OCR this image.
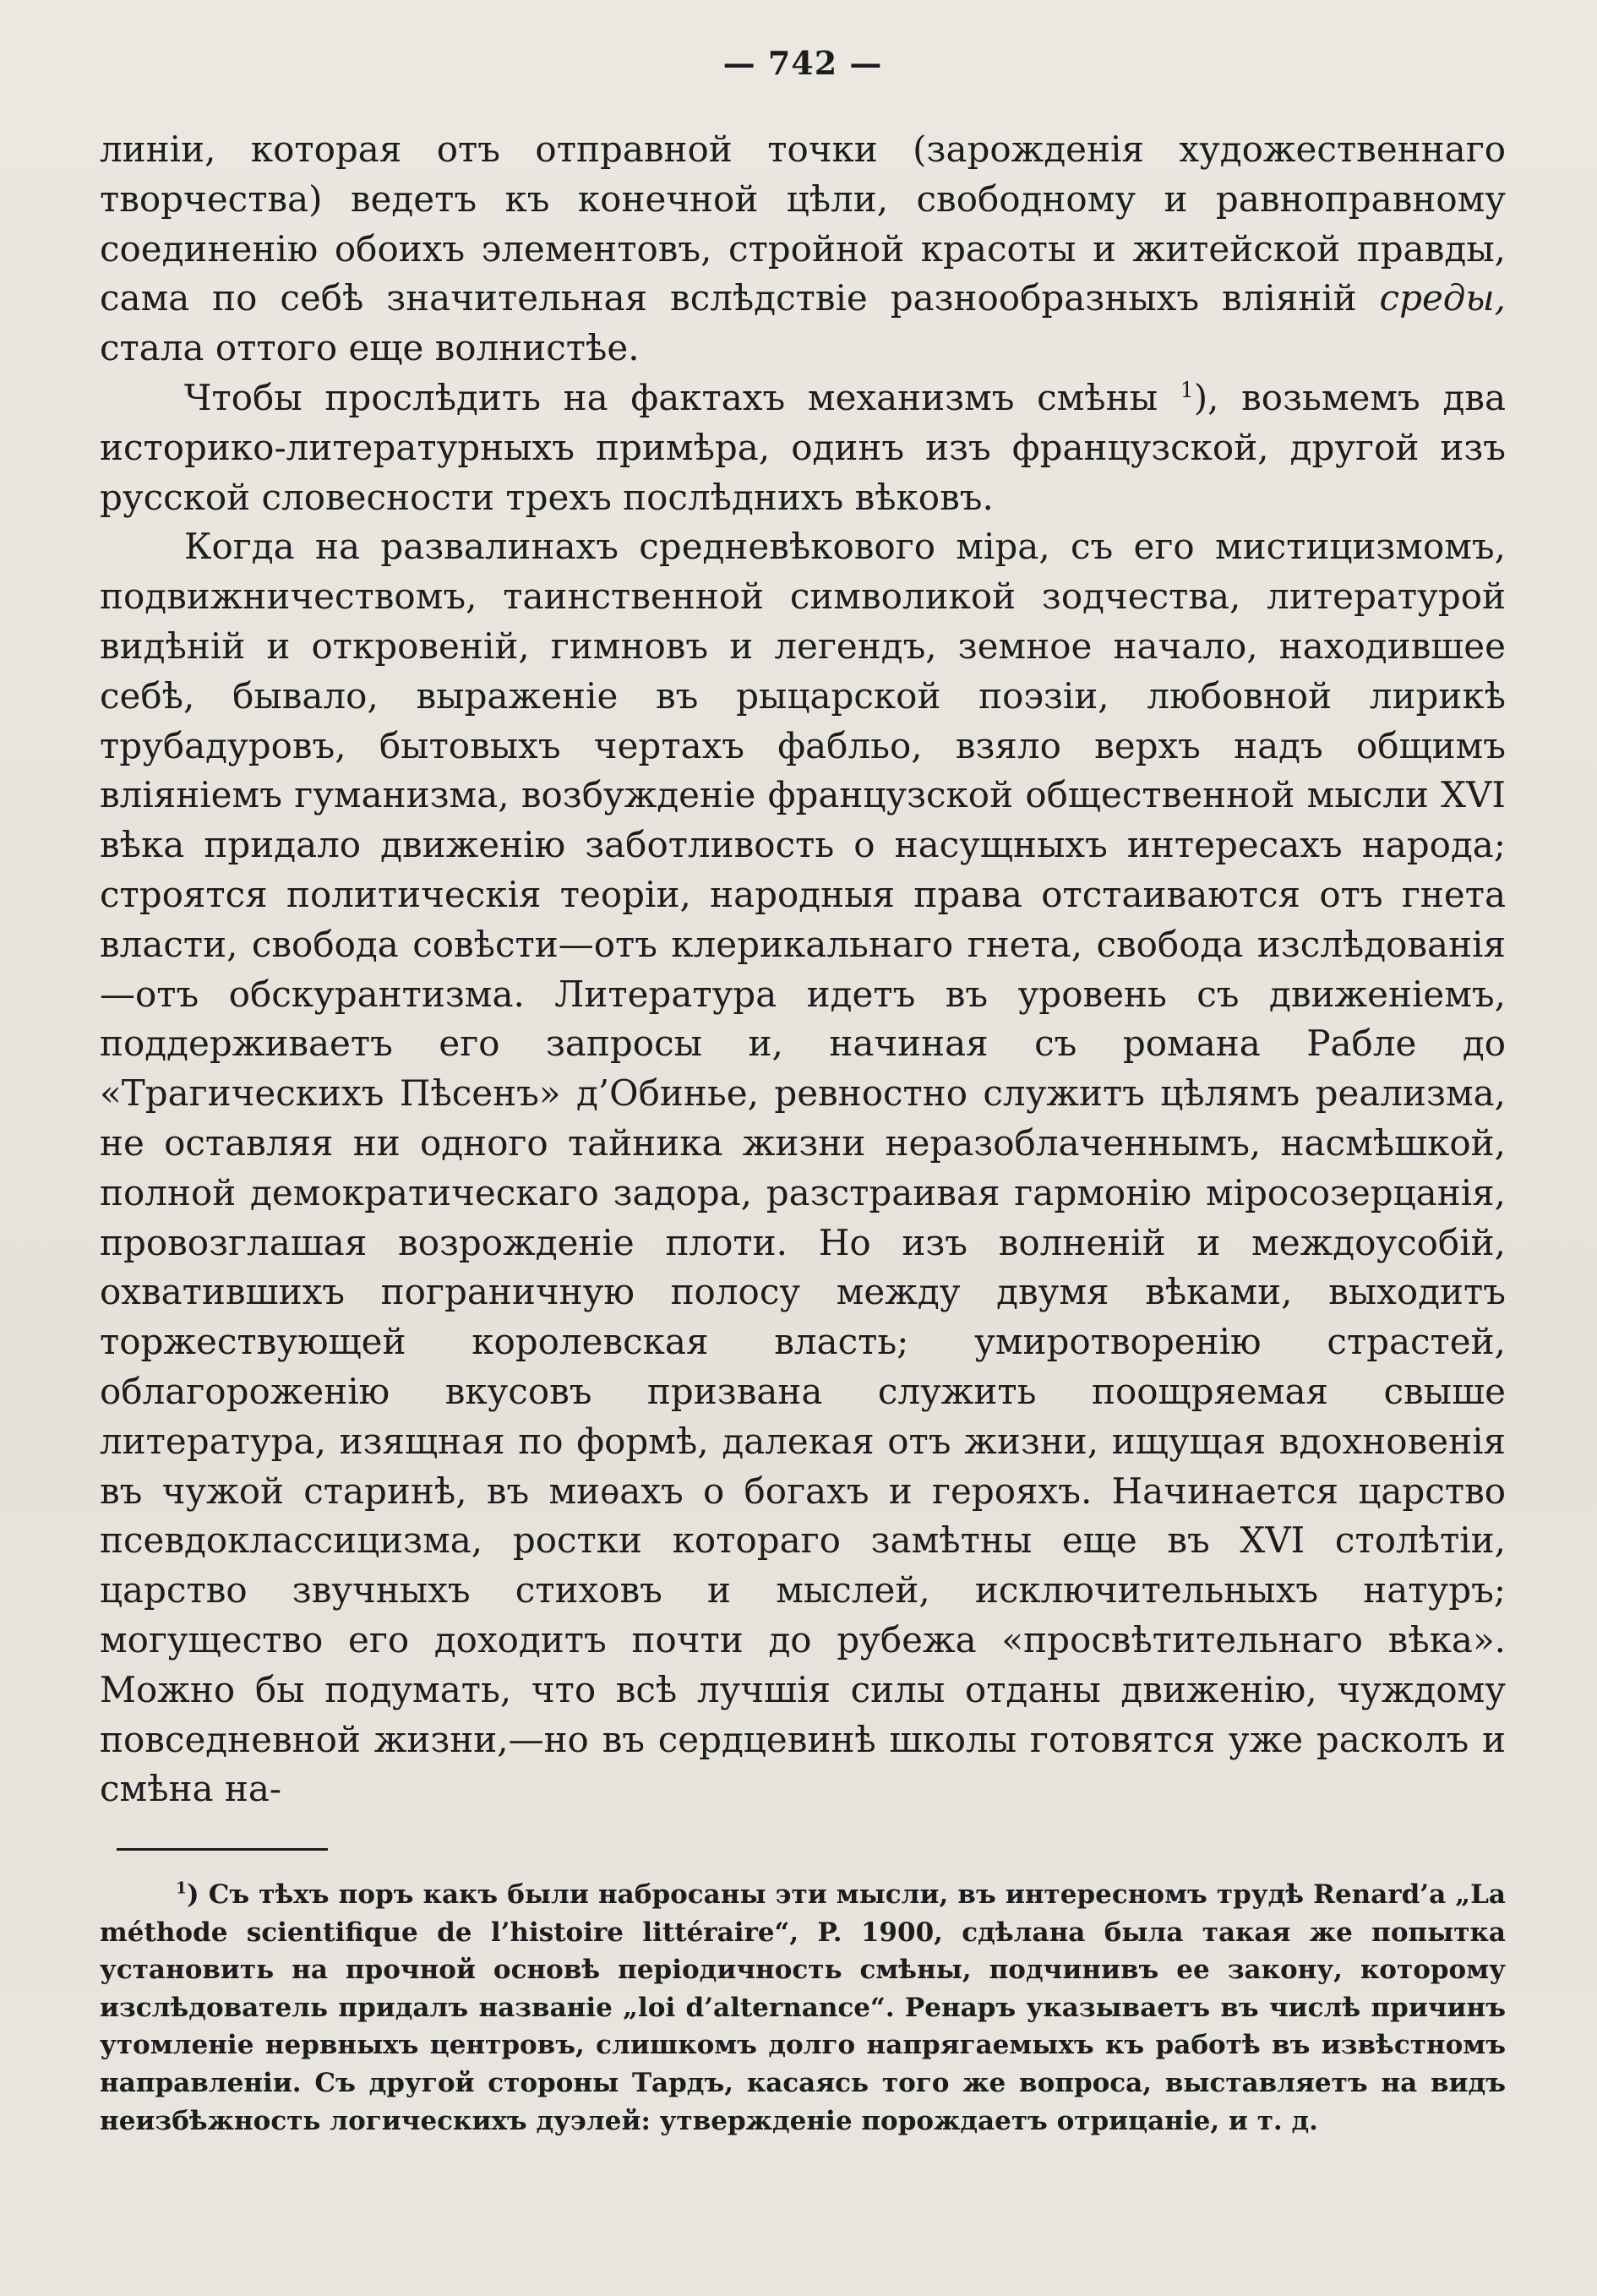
— 742 —

линіи, которая отъ отправной точки (зарожденія художественнаго творчества) ведетъ къ конечной цѣли, свободному и равноправному соединенію обоихъ элементовъ, стройной красоты и житейской правды, сама по себѣ значительная вслѣдствіе разнообразныхъ вліяній среды, стала оттого еще волнистѣе.

Чтобы прослѣдить на фактахъ механизмъ смѣны $^1$), возьмемъ два историко-литературныхъ примѣра, одинъ изъ французской, другой изъ русской словесности трехъ послѣднихъ вѣковъ.

Когда на развалинахъ средневѣкового міра, съ его мистицизмомъ, подвижничествомъ, таинственной символикой зодчества, литературой видѣній и откровеній, гимновъ и легендъ, земное начало, находившее себѣ, бывало, выраженіе въ рыцарской поэзіи, любовной лирикѣ трубадуровъ, бытовыхъ чертахъ фабльо, взяло верхъ надъ общимъ вліяніемъ гуманизма, возбужденіе французской общественной мысли XVI вѣка придало движенію заботливость о насущныхъ интересахъ народа; строятся политическія теоріи, народныя права отстаиваются отъ гнета власти, свобода совѣсти—отъ клерикальнаго гнета, свобода изслѣдованія—отъ обскурантизма. Литература идетъ въ уровень съ движеніемъ, поддерживаетъ его запросы и, начиная съ романа Рабле до «Трагическихъ Пѣсенъ» д’Обинье, ревностно служитъ цѣлямъ реализма, не оставляя ни одного тайника жизни неразоблаченнымъ, насмѣшкой, полной демократическаго задора, разстраивая гармонію міросозерцанія, провозглашая возрожденіе плоти. Но изъ волненій и междоусобій, охватившихъ пограничную полосу между двумя вѣками, выходитъ торжествующей королевская власть; умиротворенію страстей, облагороженію вкусовъ призвана служить поощряемая свыше литература, изящная по формѣ, далекая отъ жизни, ищущая вдохновенія въ чужой старинѣ, въ миѳахъ о богахъ и герояхъ. Начинается царство псевдоклассицизма, ростки котораго замѣтны еще въ XVI столѣтіи, царство звучныхъ стиховъ и мыслей, исключительныхъ натуръ; могущество его доходитъ почти до рубежа «просвѣтительнаго вѣка». Можно бы подумать, что всѣ лучшія силы отданы движенію, чуждому повседневной жизни,—но въ сердцевинѣ школы готовятся уже расколъ и смѣна на-

$^1$) Съ тѣхъ поръ какъ были набросаны эти мысли, въ интересномъ трудѣ Renard’a „La méthode scientifique de l’histoire littéraire“, P. 1900, сдѣлана была такая же попытка установить на прочной основѣ періодичность смѣны, подчинивъ ее закону, которому изслѣдователь придалъ названіе „loi d’alternance“. Ренаръ указываетъ въ числѣ причинъ утомленіе нервныхъ центровъ, слишкомъ долго напрягаемыхъ къ работѣ въ извѣстномъ направленіи. Съ другой стороны Тардъ, касаясь того же вопроса, выставляетъ на видъ неизбѣжность логическихъ дуэлей: утвержденіе порождаетъ отрицаніе, и т. д.
